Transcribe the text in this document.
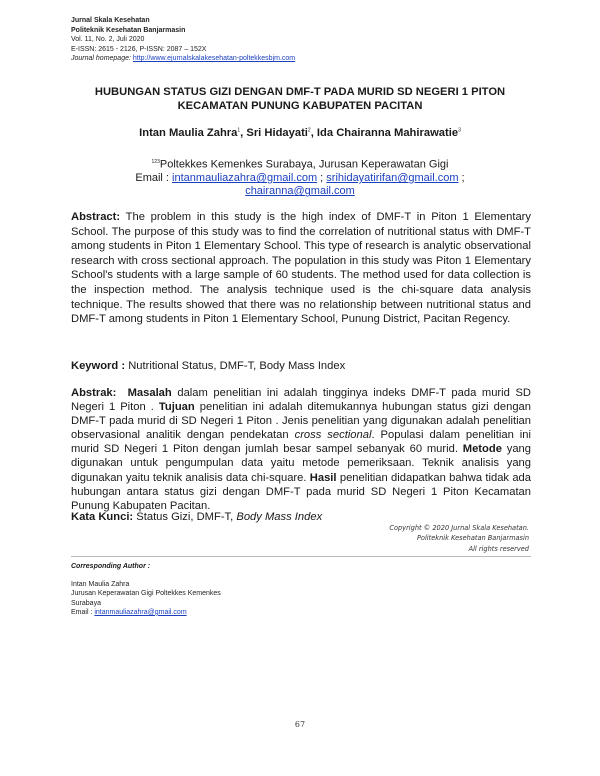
Jurnal Skala Kesehatan
Politeknik Kesehatan Banjarmasin
Vol. 11, No. 2, Juli 2020
E-ISSN: 2615 - 2126, P-ISSN: 2087 – 152X
Journal homepage: http://www.ejurnalskalakesehatan-poltekkesbjm.com
HUBUNGAN STATUS GIZI DENGAN DMF-T PADA MURID SD NEGERI 1 PITON
KECAMATAN PUNUNG KABUPATEN PACITAN
Intan Maulia Zahra$^1$, Sri Hidayati$^2$, Ida Chairanna Mahirawatie$^3$
$^{123}$Poltekkes Kemenkes Surabaya, Jurusan Keperawatan Gigi
Email : intanmauliazahra@gmail.com ; srihidayatirifan@gmail.com ;
chairanna@gmail.com
Abstract: The problem in this study is the high index of DMF-T in Piton 1 Elementary School. The purpose of this study was to find the correlation of nutritional status with DMF-T among students in Piton 1 Elementary School. This type of research is analytic observational research with cross sectional approach. The population in this study was Piton 1 Elementary School's students with a large sample of 60 students. The method used for data collection is the inspection method. The analysis technique used is the chi-square data analysis technique. The results showed that there was no relationship between nutritional status and DMF-T among students in Piton 1 Elementary School, Punung District, Pacitan Regency.
Keyword : Nutritional Status, DMF-T, Body Mass Index
Abstrak: Masalah dalam penelitian ini adalah tingginya indeks DMF-T pada murid SD Negeri 1 Piton . Tujuan penelitian ini adalah ditemukannya hubungan status gizi dengan DMF-T pada murid di SD Negeri 1 Piton . Jenis penelitian yang digunakan adalah penelitian observasional analitik dengan pendekatan cross sectional. Populasi dalam penelitian ini murid SD Negeri 1 Piton dengan jumlah besar sampel sebanyak 60 murid. Metode yang digunakan untuk pengumpulan data yaitu metode pemeriksaan. Teknik analisis yang digunakan yaitu teknik analisis data chi-square. Hasil penelitian didapatkan bahwa tidak ada hubungan antara status gizi dengan DMF-T pada murid SD Negeri 1 Piton Kecamatan Punung Kabupaten Pacitan.
Kata Kunci: Status Gizi, DMF-T, Body Mass Index
Copyright © 2020 Jurnal Skala Kesehatan.
Politeknik Kesehatan Banjarmasin
All rights reserved
Corresponding Author :
Intan Maulia Zahra
Jurusan Keperawatan Gigi Poltekkes Kemenkes
Surabaya
Email : intanmauliazahra@gmail.com
67
